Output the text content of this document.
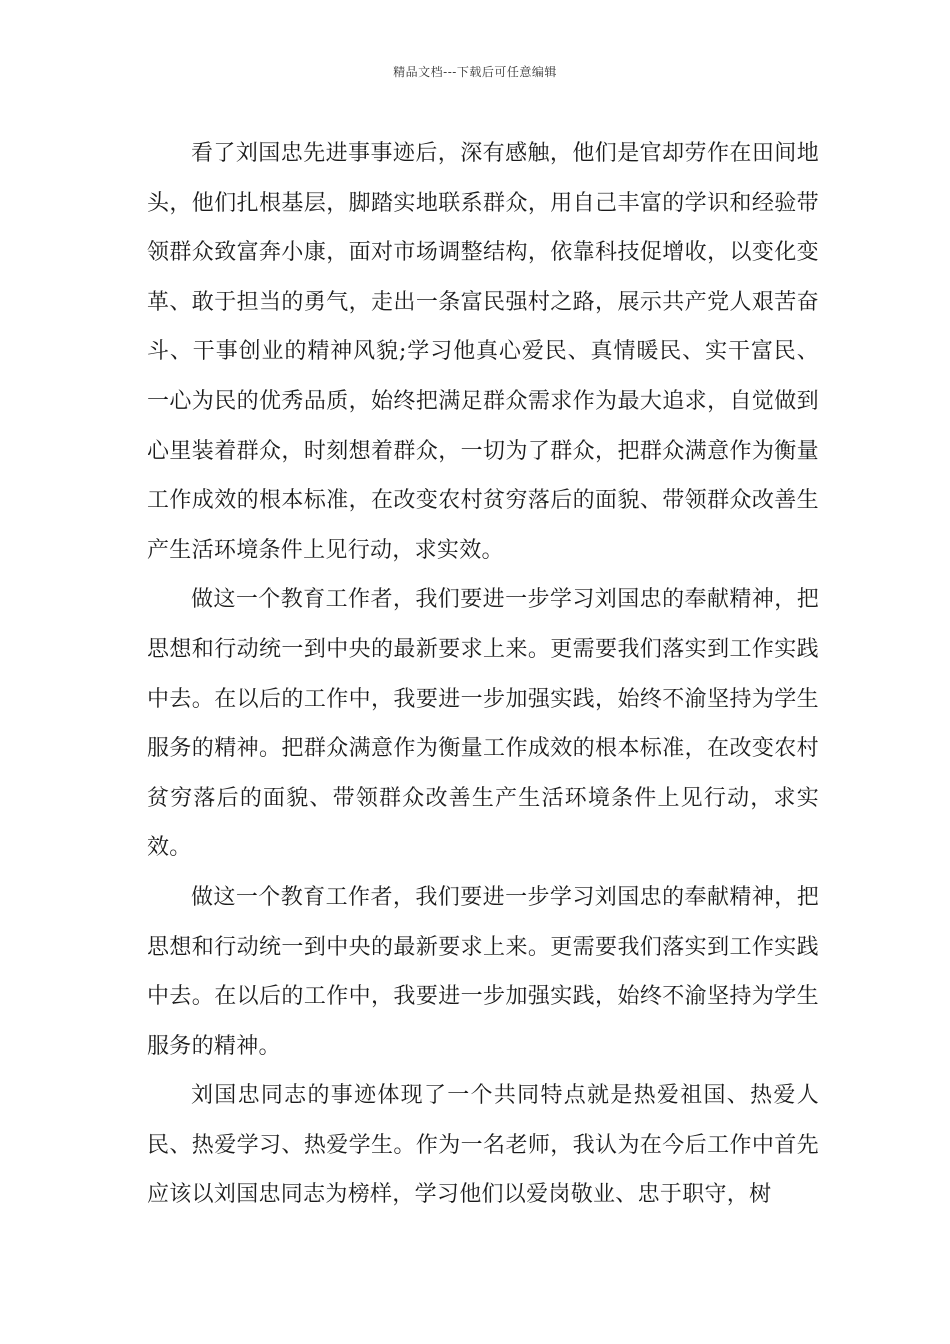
精品文档---下载后可任意编辑

看了刘国忠先进事事迹后，深有感触，他们是官却劳作在田间地头，他们扎根基层，脚踏实地联系群众，用自己丰富的学识和经验带领群众致富奔小康，面对市场调整结构，依靠科技促增收，以变化变革、敢于担当的勇气，走出一条富民强村之路，展示共产党人艰苦奋斗、干事创业的精神风貌;学习他真心爱民、真情暖民、实干富民、一心为民的优秀品质，始终把满足群众需求作为最大追求，自觉做到心里装着群众，时刻想着群众，一切为了群众，把群众满意作为衡量工作成效的根本标准，在改变农村贫穷落后的面貌、带领群众改善生产生活环境条件上见行动，求实效。

做这一个教育工作者，我们要进一步学习刘国忠的奉献精神，把思想和行动统一到中央的最新要求上来。更需要我们落实到工作实践中去。在以后的工作中，我要进一步加强实践，始终不渝坚持为学生服务的精神。把群众满意作为衡量工作成效的根本标准，在改变农村贫穷落后的面貌、带领群众改善生产生活环境条件上见行动，求实效。

做这一个教育工作者，我们要进一步学习刘国忠的奉献精神，把思想和行动统一到中央的最新要求上来。更需要我们落实到工作实践中去。在以后的工作中，我要进一步加强实践，始终不渝坚持为学生服务的精神。

刘国忠同志的事迹体现了一个共同特点就是热爱祖国、热爱人民、热爱学习、热爱学生。作为一名老师，我认为在今后工作中首先应该以刘国忠同志为榜样，学习他们以爱岗敬业、忠于职守，树
